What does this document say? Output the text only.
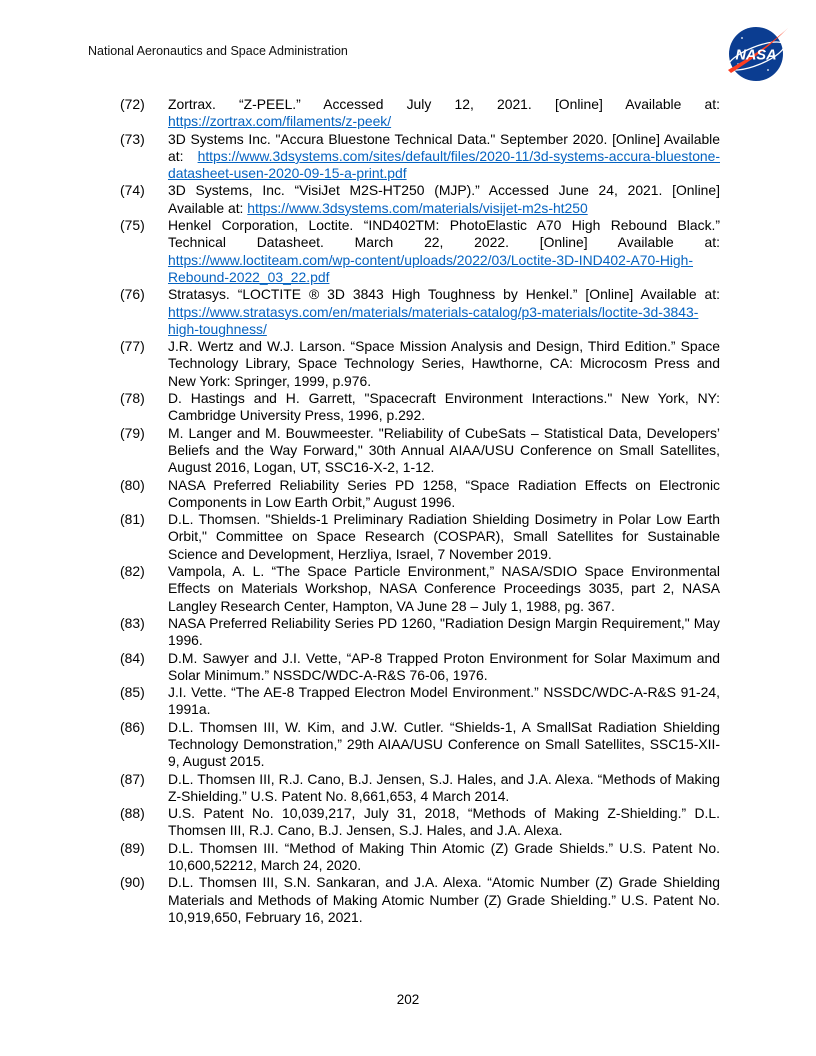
National Aeronautics and Space Administration	NASA
(72)	Zortrax. “Z-PEEL.” Accessed July 12, 2021. [Online] Available at: https://zortrax.com/filaments/z-peek/
(73)	3D Systems Inc. "Accura Bluestone Technical Data." September 2020. [Online] Available at: https://www.3dsystems.com/sites/default/files/2020-11/3d-systems-accura-bluestone-datasheet-usen-2020-09-15-a-print.pdf
(74)	3D Systems, Inc. “VisiJet M2S-HT250 (MJP).” Accessed June 24, 2021. [Online] Available at: https://www.3dsystems.com/materials/visijet-m2s-ht250
(75)	Henkel Corporation, Loctite. “IND402TM: PhotoElastic A70 High Rebound Black.” Technical Datasheet. March 22, 2022. [Online] Available at: https://www.loctiteam.com/wp-content/uploads/2022/03/Loctite-3D-IND402-A70-High-Rebound-2022_03_22.pdf
(76)	Stratasys. “LOCTITE ® 3D 3843 High Toughness by Henkel.” [Online] Available at: https://www.stratasys.com/en/materials/materials-catalog/p3-materials/loctite-3d-3843-high-toughness/
(77)	J.R. Wertz and W.J. Larson. “Space Mission Analysis and Design, Third Edition.” Space Technology Library, Space Technology Series, Hawthorne, CA: Microcosm Press and New York: Springer, 1999, p.976.
(78)	D. Hastings and H. Garrett, "Spacecraft Environment Interactions." New York, NY: Cambridge University Press, 1996, p.292.
(79)	M. Langer and M. Bouwmeester. "Reliability of CubeSats – Statistical Data, Developers’ Beliefs and the Way Forward," 30th Annual AIAA/USU Conference on Small Satellites, August 2016, Logan, UT, SSC16-X-2, 1-12.
(80)	NASA Preferred Reliability Series PD 1258, “Space Radiation Effects on Electronic Components in Low Earth Orbit,” August 1996.
(81)	D.L. Thomsen. "Shields-1 Preliminary Radiation Shielding Dosimetry in Polar Low Earth Orbit," Committee on Space Research (COSPAR), Small Satellites for Sustainable Science and Development, Herzliya, Israel, 7 November 2019.
(82)	Vampola, A. L. “The Space Particle Environment,” NASA/SDIO Space Environmental Effects on Materials Workshop, NASA Conference Proceedings 3035, part 2, NASA Langley Research Center, Hampton, VA June 28 – July 1, 1988, pg. 367.
(83)	NASA Preferred Reliability Series PD 1260, "Radiation Design Margin Requirement," May 1996.
(84)	D.M. Sawyer and J.I. Vette, “AP-8 Trapped Proton Environment for Solar Maximum and Solar Minimum.” NSSDC/WDC-A-R&S 76-06, 1976.
(85)	J.I. Vette. “The AE-8 Trapped Electron Model Environment.” NSSDC/WDC-A-R&S 91-24, 1991a.
(86)	D.L. Thomsen III, W. Kim, and J.W. Cutler. “Shields-1, A SmallSat Radiation Shielding Technology Demonstration,” 29th AIAA/USU Conference on Small Satellites, SSC15-XII-9, August 2015.
(87)	D.L. Thomsen III, R.J. Cano, B.J. Jensen, S.J. Hales, and J.A. Alexa. “Methods of Making Z-Shielding.” U.S. Patent No. 8,661,653, 4 March 2014.
(88)	U.S. Patent No. 10,039,217, July 31, 2018, “Methods of Making Z-Shielding.” D.L. Thomsen III, R.J. Cano, B.J. Jensen, S.J. Hales, and J.A. Alexa.
(89)	D.L. Thomsen III. “Method of Making Thin Atomic (Z) Grade Shields.” U.S. Patent No. 10,600,52212, March 24, 2020.
(90)	D.L. Thomsen III, S.N. Sankaran, and J.A. Alexa. “Atomic Number (Z) Grade Shielding Materials and Methods of Making Atomic Number (Z) Grade Shielding.” U.S. Patent No. 10,919,650, February 16, 2021.
202
